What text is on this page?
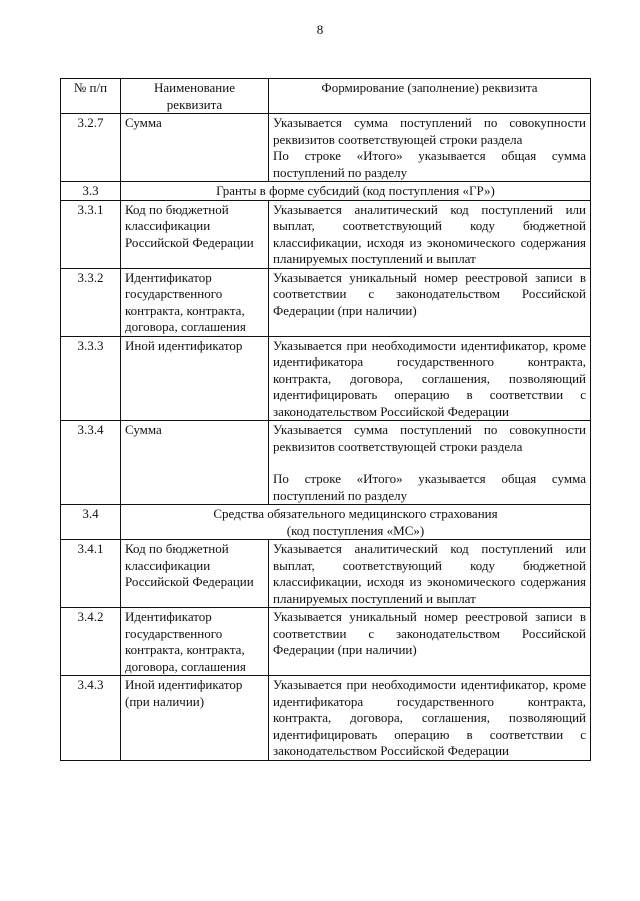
8
№ п/п	Наименование реквизита	Формирование (заполнение) реквизита
3.2.7	Сумма	Указывается сумма поступлений по совокупности реквизитов соответствующей строки раздела
По строке «Итого» указывается общая сумма поступлений по разделу

3.3	Гранты в форме субсидий (код поступления «ГР»)	
3.3.1	Код по бюджетной классификации Российской Федерации	Указывается аналитический код поступлений или выплат, соответствующий коду бюджетной классификации, исходя из экономического содержания планируемых поступлений и выплат
3.3.2	Идентификатор государственного контракта, контракта, договора, соглашения	Указывается уникальный номер реестровой записи в соответствии с законодательством Российской Федерации (при наличии)
3.3.3	Иной идентификатор	Указывается при необходимости идентификатор, кроме идентификатора государственного контракта, контракта, договора, соглашения, позволяющий идентифицировать операцию в соответствии с законодательством Российской Федерации
3.3.4	Сумма	Указывается сумма поступлений по совокупности реквизитов соответствующей строки раздела
По строке «Итого» указывается общая сумма поступлений по разделу

3.4	Средства обязательного медицинского страхования
(код поступления «МС»)	

3.4.1	Код по бюджетной классификации Российской Федерации	Указывается аналитический код поступлений или выплат, соответствующий коду бюджетной классификации, исходя из экономического содержания планируемых поступлений и выплат
3.4.2	Идентификатор государственного контракта, контракта, договора, соглашения	Указывается уникальный номер реестровой записи в соответствии с законодательством Российской Федерации (при наличии)
3.4.3	Иной идентификатор (при наличии)	Указывается при необходимости идентификатор, кроме идентификатора государственного контракта, контракта, договора, соглашения, позволяющий идентифицировать операцию в соответствии с законодательством Российской Федерации
